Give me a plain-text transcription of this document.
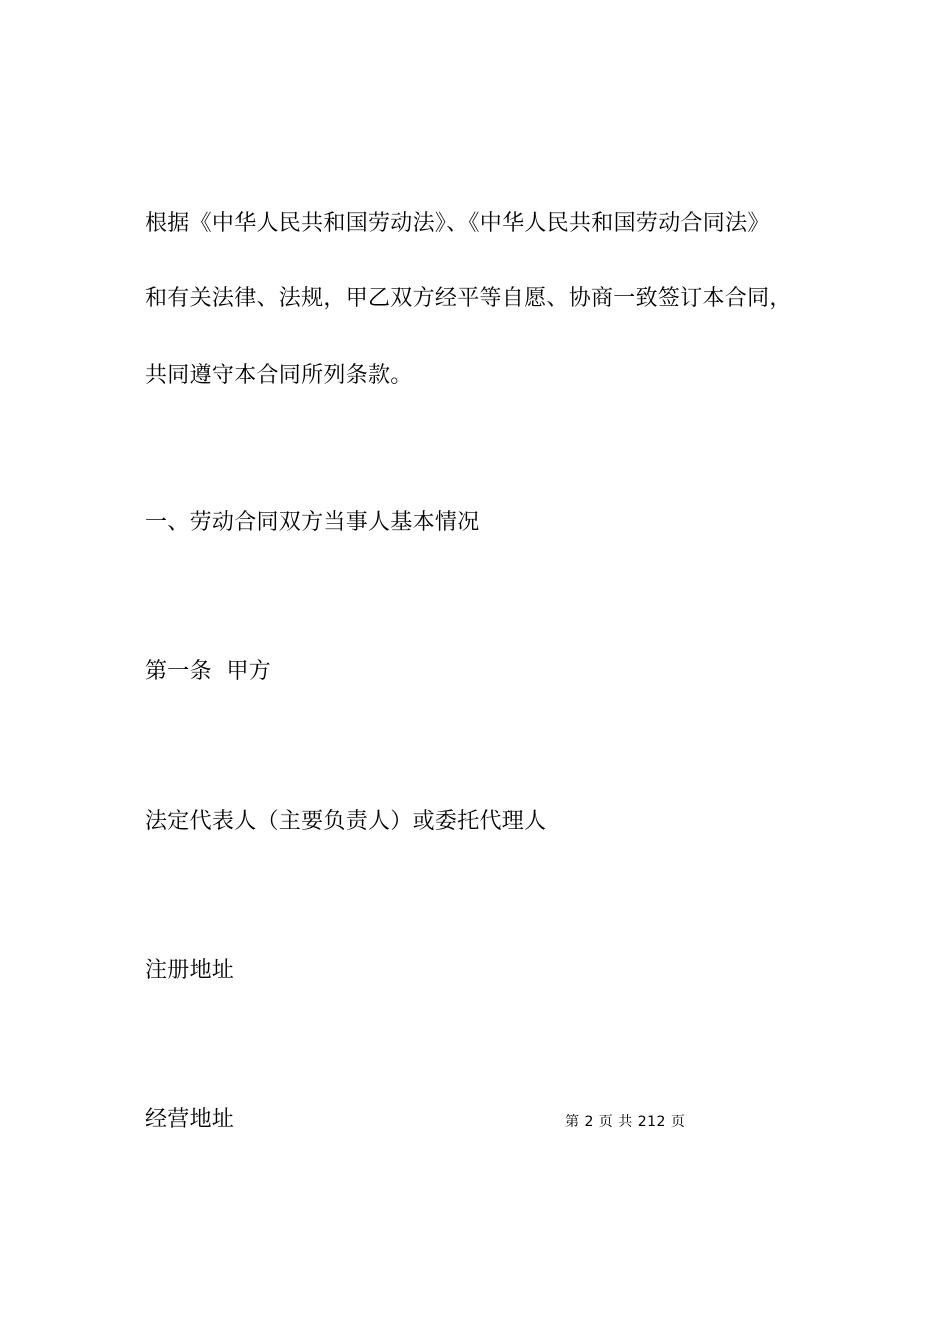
根据《中华人民共和国劳动法》、《中华人民共和国劳动合同法》
和有关法律、法规，甲乙双方经平等自愿、协商一致签订本合同，
共同遵守本合同所列条款。
一、劳动合同双方当事人基本情况
第一条  甲方
法定代表人（主要负责人）或委托代理人
注册地址
经营地址	第 2 页 共 212 页
